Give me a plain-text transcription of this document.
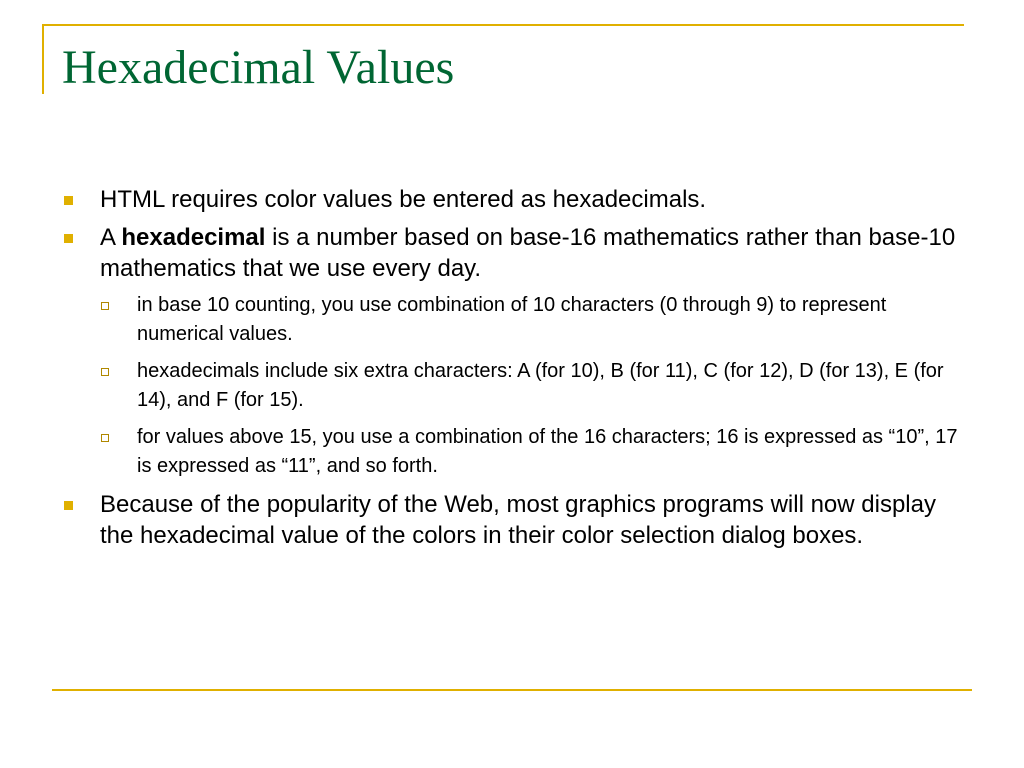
Hexadecimal Values
HTML requires color values be entered as hexadecimals.
A hexadecimal is a number based on base-16 mathematics rather than base-10 mathematics that we use every day.
in base 10 counting, you use combination of 10 characters (0 through 9) to represent numerical values.
hexadecimals include six extra characters: A (for 10), B (for 11), C (for 12), D (for 13), E (for 14), and F (for 15).
for values above 15, you use a combination of the 16 characters; 16 is expressed as “10”, 17 is expressed as “11”, and so forth.
Because of the popularity of the Web, most graphics programs will now display the hexadecimal value of the colors in their color selection dialog boxes.
